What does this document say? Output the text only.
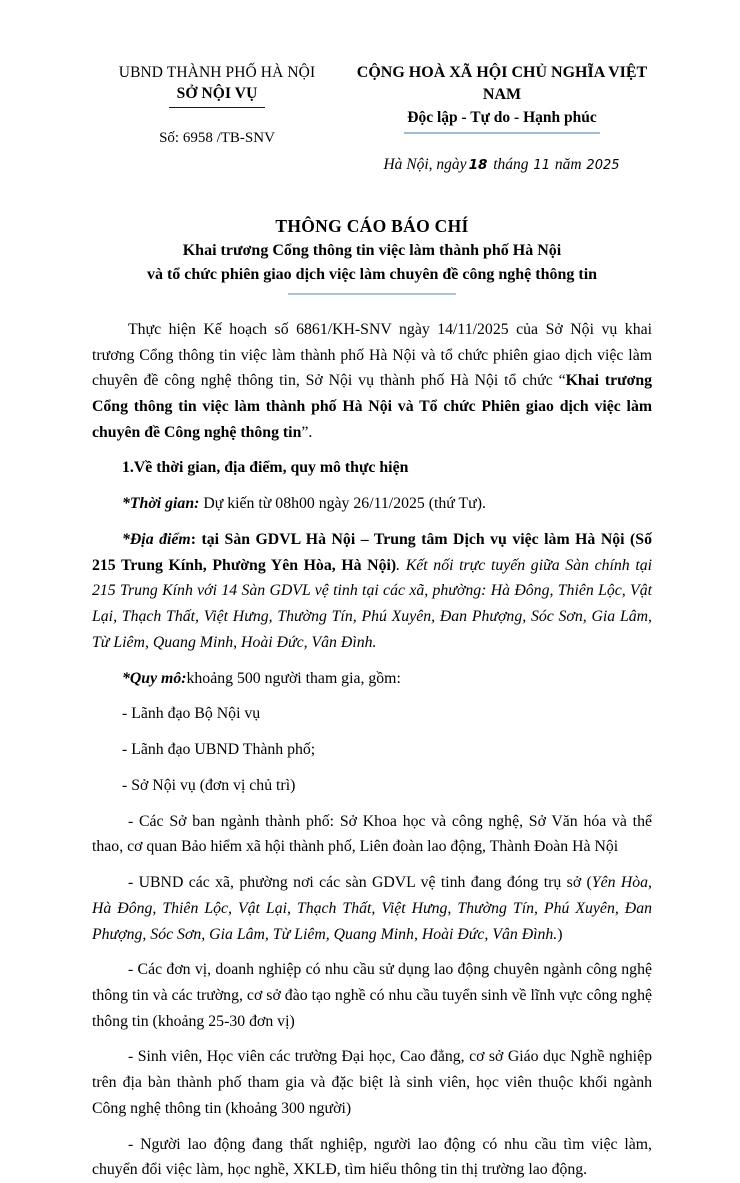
UBND THÀNH PHỐ HÀ NỘI
SỞ NỘI VỤ
Số: 6958 /TB-SNV
CỘNG HOÀ XÃ HỘI CHỦ NGHĨA VIỆT NAM
Độc lập - Tự do - Hạnh phúc
Hà Nội, ngày 18 tháng 11 năm 2025
THÔNG CÁO BÁO CHÍ
Khai trương Cổng thông tin việc làm thành phố Hà Nội
và tổ chức phiên giao dịch việc làm chuyên đề công nghệ thông tin

Thực hiện Kế hoạch số 6861/KH-SNV ngày 14/11/2025 của Sở Nội vụ khai trương Cổng thông tin việc làm thành phố Hà Nội và tổ chức phiên giao dịch việc làm chuyên đề công nghệ thông tin, Sở Nội vụ thành phố Hà Nội tổ chức “Khai trương Cổng thông tin việc làm thành phố Hà Nội và Tổ chức Phiên giao dịch việc làm chuyên đề Công nghệ thông tin”.

1.Về thời gian, địa điểm, quy mô thực hiện

*Thời gian: Dự kiến từ 08h00 ngày 26/11/2025 (thứ Tư).

*Địa điểm: tại Sàn GDVL Hà Nội – Trung tâm Dịch vụ việc làm Hà Nội (Số 215 Trung Kính, Phường Yên Hòa, Hà Nội). Kết nối trực tuyến giữa Sàn chính tại 215 Trung Kính với 14 Sàn GDVL vệ tinh tại các xã, phường: Hà Đông, Thiên Lộc, Vật Lại, Thạch Thất, Việt Hưng, Thường Tín, Phú Xuyên, Đan Phượng, Sóc Sơn, Gia Lâm, Từ Liêm, Quang Minh, Hoài Đức, Vân Đình.

*Quy mô:khoảng 500 người tham gia, gồm:

- Lãnh đạo Bộ Nội vụ

- Lãnh đạo UBND Thành phố;

- Sở Nội vụ (đơn vị chủ trì)

- Các Sở ban ngành thành phố: Sở Khoa học và công nghệ, Sở Văn hóa và thể thao, cơ quan Bảo hiểm xã hội thành phố, Liên đoàn lao động, Thành Đoàn Hà Nội

- UBND các xã, phường nơi các sàn GDVL vệ tinh đang đóng trụ sở (Yên Hòa, Hà Đông, Thiên Lộc, Vật Lại, Thạch Thất, Việt Hưng, Thường Tín, Phú Xuyên, Đan Phượng, Sóc Sơn, Gia Lâm, Từ Liêm, Quang Minh, Hoài Đức, Vân Đình.)

- Các đơn vị, doanh nghiệp có nhu cầu sử dụng lao động chuyên ngành công nghệ thông tin và các trường, cơ sở đào tạo nghề có nhu cầu tuyển sinh về lĩnh vực công nghệ thông tin (khoảng 25-30 đơn vị)

- Sinh viên, Học viên các trường Đại học, Cao đẳng, cơ sở Giáo dục Nghề nghiệp trên địa bàn thành phố tham gia và đặc biệt là sinh viên, học viên thuộc khối ngành Công nghệ thông tin (khoảng 300 người)

- Người lao động đang thất nghiệp, người lao động có nhu cầu tìm việc làm, chuyển đổi việc làm, học nghề, XKLĐ, tìm hiểu thông tin thị trường lao động.
